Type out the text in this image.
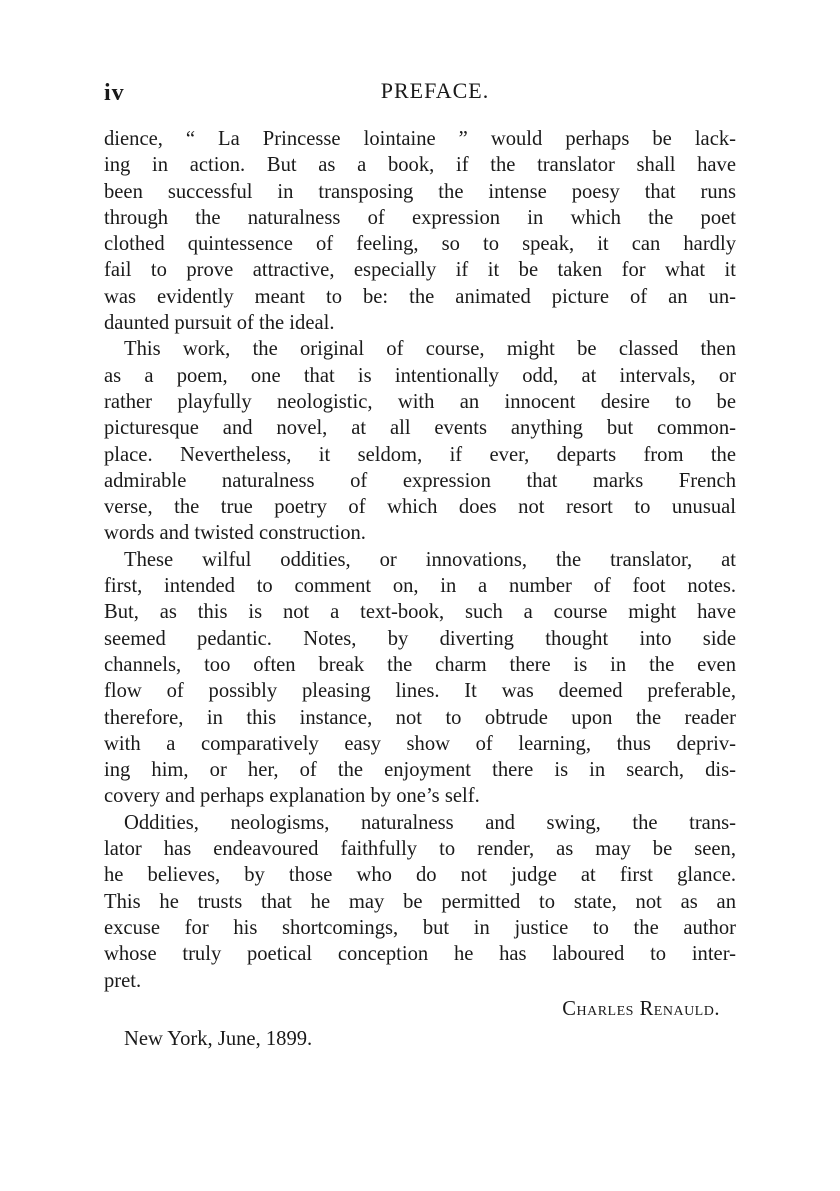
iv	PREFACE.
dience, “ La Princesse lointaine ” would perhaps be lack-
ing in action. But as a book, if the translator shall have
been successful in transposing the intense poesy that runs
through the naturalness of expression in which the poet
clothed quintessence of feeling, so to speak, it can hardly
fail to prove attractive, especially if it be taken for what it
was evidently meant to be: the animated picture of an un-
daunted pursuit of the ideal.
This work, the original of course, might be classed then
as a poem, one that is intentionally odd, at intervals, or
rather playfully neologistic, with an innocent desire to be
picturesque and novel, at all events anything but common-
place. Nevertheless, it seldom, if ever, departs from the
admirable naturalness of expression that marks French
verse, the true poetry of which does not resort to unusual
words and twisted construction.
These wilful oddities, or innovations, the translator, at
first, intended to comment on, in a number of foot notes.
But, as this is not a text-book, such a course might have
seemed pedantic. Notes, by diverting thought into side
channels, too often break the charm there is in the even
flow of possibly pleasing lines. It was deemed preferable,
therefore, in this instance, not to obtrude upon the reader
with a comparatively easy show of learning, thus depriv-
ing him, or her, of the enjoyment there is in search, dis-
covery and perhaps explanation by one’s self.
Oddities, neologisms, naturalness and swing, the trans-
lator has endeavoured faithfully to render, as may be seen,
he believes, by those who do not judge at first glance.
This he trusts that he may be permitted to state, not as an
excuse for his shortcomings, but in justice to the author
whose truly poetical conception he has laboured to inter-
pret.
Charles Renauld.
New York, June, 1899.
